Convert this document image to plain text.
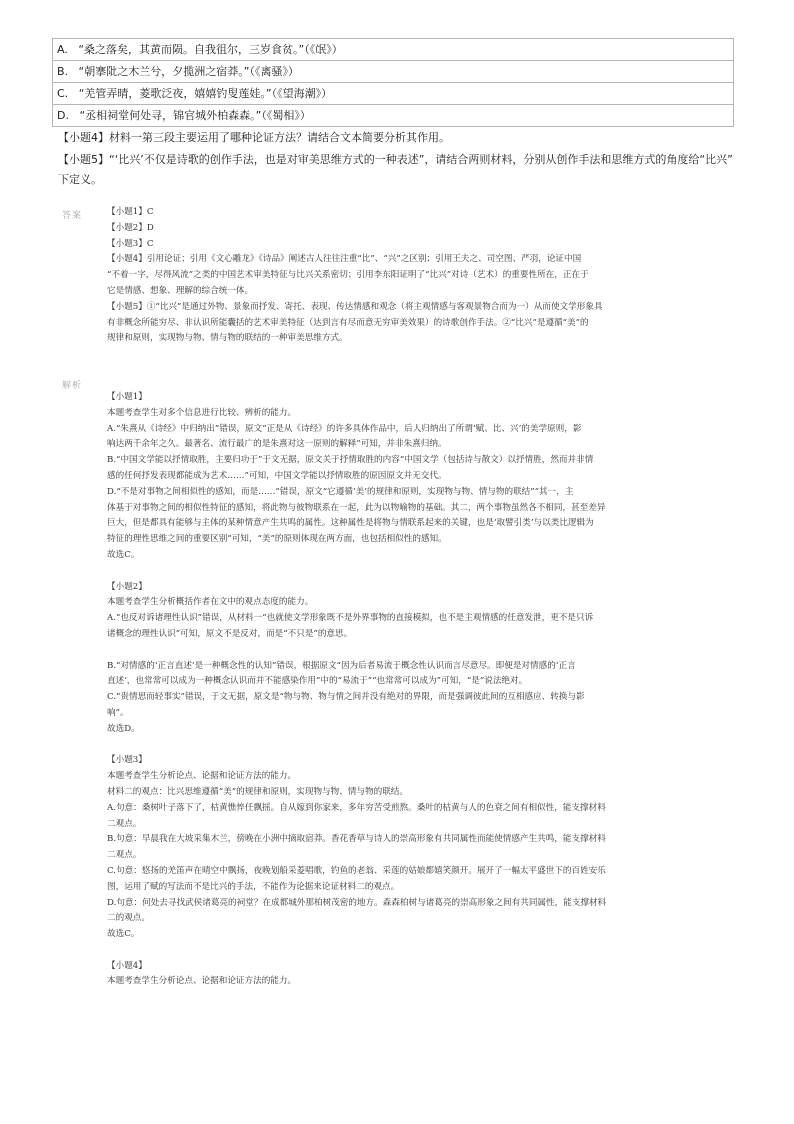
A. “桑之落矣，其黄而陨。自我徂尔，三岁食贫。”（《氓》）
B. “朝搴阰之木兰兮，夕揽洲之宿莽。”（《离骚》）
C. “羌管弄晴，菱歌泛夜，嬉嬉钓叟莲娃。”（《望海潮》）
D. “丞相祠堂何处寻，锦官城外柏森森。”（《蜀相》）
【小题4】材料一第三段主要运用了哪种论证方法？请结合文本简要分析其作用。
【小题5】“‘比兴’不仅是诗歌的创作手法，也是对审美思维方式的一种表述”，请结合两则材料，分别从创作手法和思维方式的角度给“比兴”
下定义。
答案	【小题1】C

【小题2】D

【小题3】C

【小题4】引用论证；引用《文心雕龙》《诗品》阐述古人往往注重“比”、“兴”之区别；引用王夫之、司空图、严羽，论证中国

“不着一字，尽得风流”之类的中国艺术审美特征与比兴关系密切；引用李东阳证明了“比兴”对诗（艺术）的重要性所在，正在于

它是情感、想象、理解的综合统一体。

【小题5】①“比兴”是通过外物、景象而抒发、寄托、表现、传达情感和观念（将主观情感与客观景物合而为一）从而使文学形象具

有非概念所能穷尽、非认识所能囊括的艺术审美特征（达到言有尽而意无穷审美效果）的诗歌创作手法。②“比兴”是遵循“美”的

规律和原则，实现物与物、情与物的联结的一种审美思维方式。

解析

【小题1】

本题考查学生对多个信息进行比较、辨析的能力。

A.“朱熹从《诗经》中归纳出”错误，原文“正是从《诗经》的许多具体作品中，后人归纳出了所谓‘赋、比、兴’的美学原则，影

响达两千余年之久。最著名、流行最广的是朱熹对这一原则的解释”可知，并非朱熹归纳。

B.“中国文学能以抒情取胜，主要归功于”于文无据，原文关于抒情取胜的内容“中国文学（包括诗与散文）以抒情胜，然而并非情

感的任何抒发表现都能成为艺术……”可知，中国文学能以抒情取胜的原因原文并无交代。

D.“不是对事物之间相似性的感知，而是……”错误，原文“它遵循‘美’的规律和原则，实现物与物、情与物的联结”“其一，主

体基于对事物之间的相似性特征的感知，将此物与彼物联系在一起，此为以物喻物的基础。其二，两个事物虽然各不相同，甚至差异

巨大，但是都具有能够与主体的某种情意产生共鸣的属性。这种属性是将物与情联系起来的关键，也是‘取譬引类’与以类比逻辑为

特征的理性思维之间的重要区别”可知，“美”的原则体现在两方面，也包括相似性的感知。

故选C。

【小题2】

本题考查学生分析概括作者在文中的观点态度的能力。

A.“也反对诉诸理性认识”错误，从材料一“也就使文学形象既不是外界事物的直接模拟，也不是主观情感的任意发泄，更不是只诉

诸概念的理性认识”可知，原文不是反对，而是“不只是”的意思。

B.“对情感的‘正言直述’是一种概念性的认知”错误，根据原文“因为后者易流于概念性认识而言尽意尽。即便是对情感的‘正言

直述’，也常常可以成为一种概念认识而并不能感染作用”中的“易流于”“也常常可以成为”可知，“是”说法绝对。

C.“贵情思而轻事实”错误，于文无据，原文是“物与物、物与情之间并没有绝对的界限，而是强调彼此间的互相感应、转换与影

响”。

故选D。

【小题3】

本题考查学生分析论点、论据和论证方法的能力。

材料二的观点：比兴思维遵循“美”的规律和原则，实现物与物、情与物的联结。

A.句意：桑树叶子落下了，枯黄憔悴任飘摇。自从嫁到你家来，多年穷苦受煎熬。桑叶的枯黄与人的色衰之间有相似性，能支撑材料

二观点。

B.句意：早晨我在大坡采集木兰，傍晚在小洲中摘取宿莽。香花香草与诗人的崇高形象有共同属性而能使情感产生共鸣，能支撑材料

二观点。

C.句意：悠扬的羌笛声在晴空中飘扬，夜晚划船采菱唱歌，钓鱼的老翁、采莲的姑娘都嬉笑颜开。展开了一幅太平盛世下的百姓安乐

图，运用了赋的写法而不是比兴的手法，不能作为论据来论证材料二的观点。

D.句意：何处去寻找武侯诸葛亮的祠堂？在成都城外那柏树茂密的地方。森森柏树与诸葛亮的崇高形象之间有共同属性，能支撑材料

二的观点。

故选C。

【小题4】

本题考查学生分析论点、论据和论证方法的能力。
